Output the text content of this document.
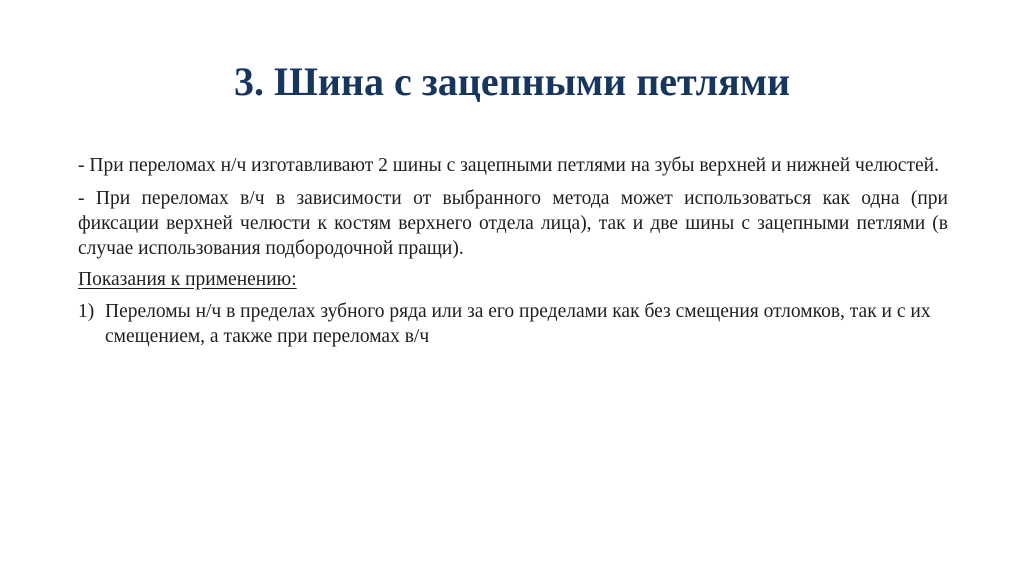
3. Шина с зацепными петлями

- При переломах н/ч изготавливают 2 шины с зацепными петлями на зубы верхней и нижней челюстей.

- При переломах в/ч в зависимости от выбранного метода может использоваться как одна (при фиксации верхней челюсти к костям верхнего отдела лица), так и две шины с зацепными петлями (в случае использования подбородочной пращи).

Показания к применению:

1) Переломы н/ч в пределах зубного ряда или за его пределами как без смещения отломков, так и с их смещением, а также при переломах в/ч
